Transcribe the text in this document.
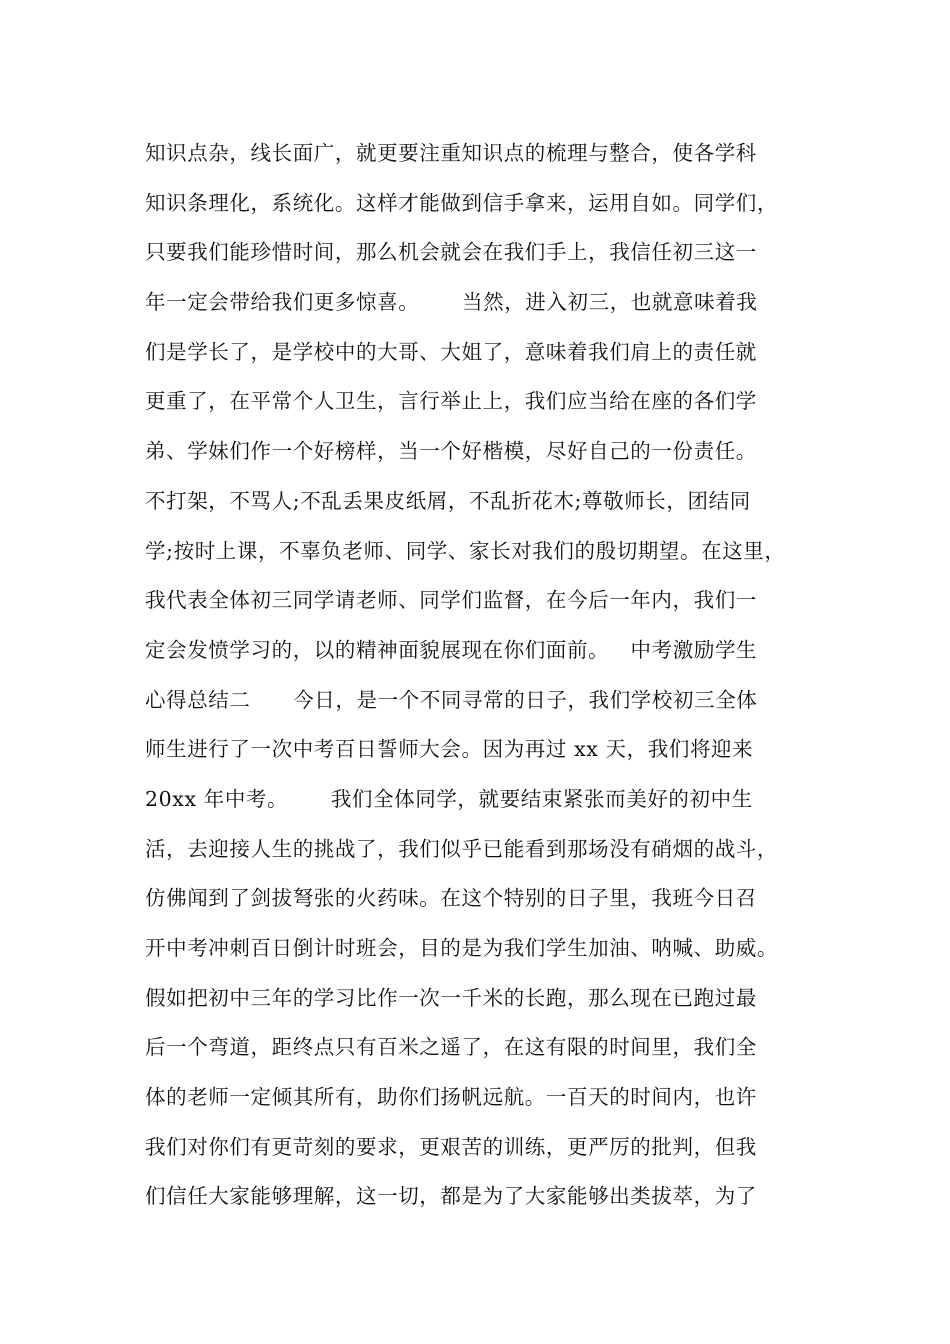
知识点杂，线长面广，就更要注重知识点的梳理与整合，使各学科
知识条理化，系统化。这样才能做到信手拿来，运用自如。同学们，
只要我们能珍惜时间，那么机会就会在我们手上，我信任初三这一
年一定会带给我们更多惊喜。      当然，进入初三，也就意味着我
们是学长了，是学校中的大哥、大姐了，意味着我们肩上的责任就
更重了，在平常个人卫生，言行举止上，我们应当给在座的各们学
弟、学妹们作一个好榜样，当一个好楷模，尽好自己的一份责任。
不打架，不骂人;不乱丢果皮纸屑，不乱折花木;尊敬师长，团结同
学;按时上课，不辜负老师、同学、家长对我们的殷切期望。在这里，
我代表全体初三同学请老师、同学们监督，在今后一年内，我们一
定会发愤学习的，以的精神面貌展现在你们面前。   中考激励学生
心得总结二      今日，是一个不同寻常的日子，我们学校初三全体
师生进行了一次中考百日誓师大会。因为再过 xx 天，我们将迎来
20xx 年中考。      我们全体同学，就要结束紧张而美好的初中生
活，去迎接人生的挑战了，我们似乎已能看到那场没有硝烟的战斗，
仿佛闻到了剑拔弩张的火药味。在这个特别的日子里，我班今日召
开中考冲刺百日倒计时班会，目的是为我们学生加油、呐喊、助威。
假如把初中三年的学习比作一次一千米的长跑，那么现在已跑过最
后一个弯道，距终点只有百米之遥了，在这有限的时间里，我们全
体的老师一定倾其所有，助你们扬帆远航。一百天的时间内，也许
我们对你们有更苛刻的要求，更艰苦的训练，更严厉的批判，但我
们信任大家能够理解，这一切，都是为了大家能够出类拔萃，为了
